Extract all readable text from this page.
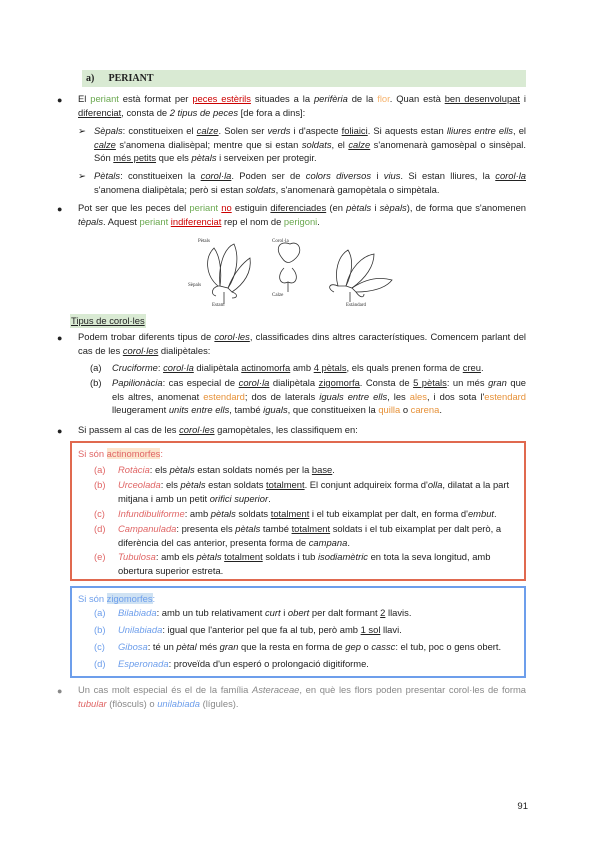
a) PERIANT
● El periant està format per peces estèrils situades a la perifèria de la flor. Quan està ben desenvolupat i diferenciat, consta de 2 tipus de peces [de fora a dins]:
➢ Sèpals: constitueixen el calze. Solen ser verds i d'aspecte foliaici. Si aquests estan lliures entre ells, el calze s'anomena dialisèpal; mentre que si estan soldats, el calze s'anomenarà gamosèpal o sinsèpal. Són més petits que els pètals i serveixen per protegir.
➢ Pètals: constitueixen la corol·la. Poden ser de colors diversos i vius. Si estan lliures, la corol·la s'anomena dialipètala; però si estan soldats, s'anomenarà gamopètala o simpètala.
● Pot ser que les peces del periant no estiguin diferenciades (en pètals i sèpals), de forma que s'anomenen tèpals. Aquest periant indiferenciat rep el nom de perigoni.
Pètals
Sèpals
Estam
Corol·la
Calze
Estàndard
Tipus de corol·les
● Podem trobar diferents tipus de corol·les, classificades dins altres característiques. Comencem parlant del cas de les corol·les dialipètales:
(a) Cruciforme: corol·la dialipètala actinomorfa amb 4 pètals, els quals prenen forma de creu.
(b) Papilionàcia: cas especial de corol·la dialipètala zigomorfa. Consta de 5 pètals: un més gran que els altres, anomenat estendard; dos de laterals iguals entre ells, les ales, i dos sota l'estendard lleugerament units entre ells, també iguals, que constitueixen la quilla o carena.
● Si passem al cas de les corol·les gamopètales, les classifiquem en:
Si són actinomorfes:
(a) Rotàcia: els pètals estan soldats només per la base.
(b) Urceolada: els pètals estan soldats totalment. El conjunt adquireix forma d'olla, dilatat a la part mitjana i amb un petit orifici superior.
(c) Infundibuliforme: amb pètals soldats totalment i el tub eixamplat per dalt, en forma d'embut.
(d) Campanulada: presenta els pètals també totalment soldats i el tub eixamplat per dalt però, a diferència del cas anterior, presenta forma de campana.
(e) Tubulosa: amb els pètals totalment soldats i tub isodiamètric en tota la seva longitud, amb obertura superior estreta.
Si són zigomorfes:
(a) Bilabiada: amb un tub relativament curt i obert per dalt formant 2 llavis.
(b) Unilabiada: igual que l'anterior pel que fa al tub, però amb 1 sol llavi.
(c) Gibosa: té un pètal més gran que la resta en forma de gep o cassc: el tub, poc o gens obert.
(d) Esperonada: proveïda d'un esperó o prolongació digitiforme.
● Un cas molt especial és el de la família Asteraceae, en què les flors poden presentar corol·les de forma tubular (flòsculs) o unilabiada (lígules).
91
